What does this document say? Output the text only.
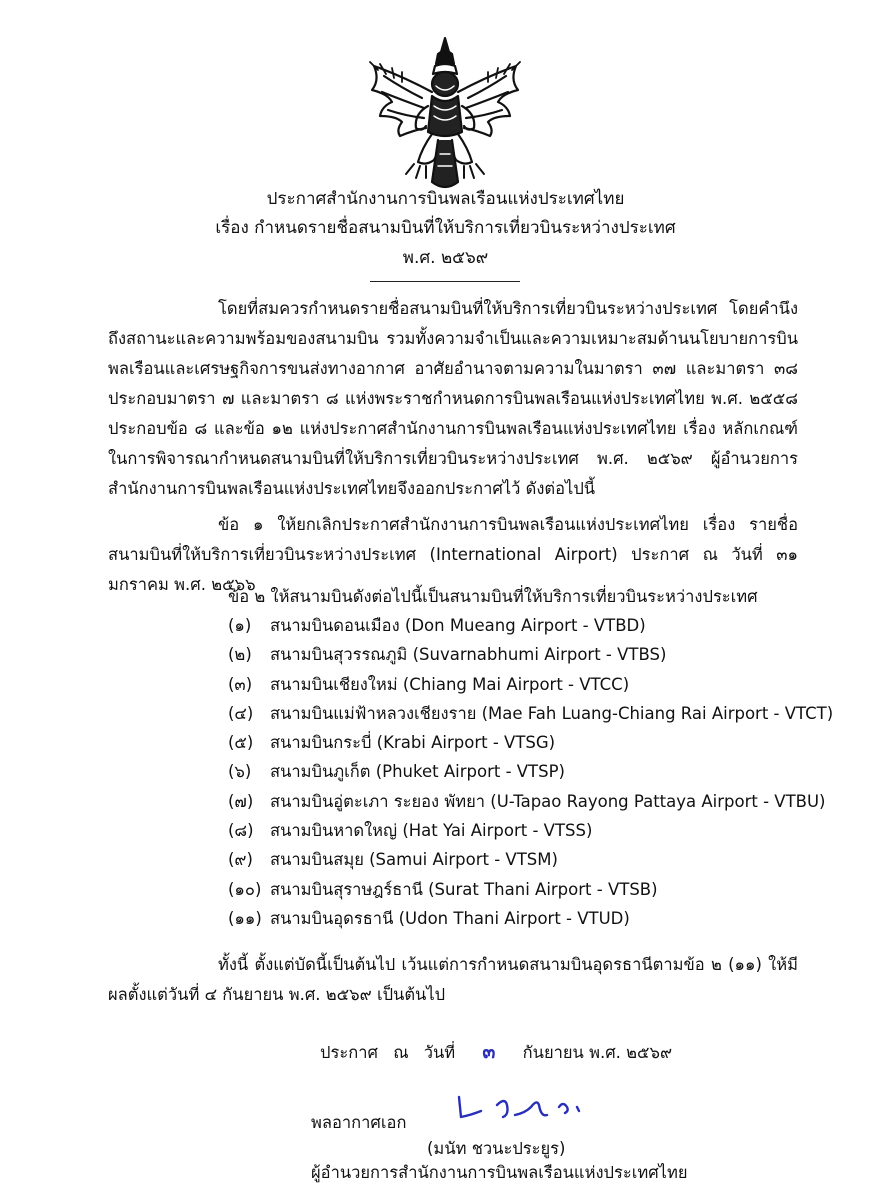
ประกาศสำนักงานการบินพลเรือนแห่งประเทศไทย
เรื่อง กำหนดรายชื่อสนามบินที่ให้บริการเที่ยวบินระหว่างประเทศ
พ.ศ. ๒๕๖๙

โดยที่สมควรกำหนดรายชื่อสนามบินที่ให้บริการเที่ยวบินระหว่างประเทศ โดยคำนึงถึงสถานะและความพร้อมของสนามบิน รวมทั้งความจำเป็นและความเหมาะสมด้านนโยบายการบินพลเรือนและเศรษฐกิจการขนส่งทางอากาศ อาศัยอำนาจตามความในมาตรา ๓๗ และมาตรา ๓๘ ประกอบมาตรา ๗ และมาตรา ๘ แห่งพระราชกำหนดการบินพลเรือนแห่งประเทศไทย พ.ศ. ๒๕๕๘ ประกอบข้อ ๘ และข้อ ๑๒ แห่งประกาศสำนักงานการบินพลเรือนแห่งประเทศไทย เรื่อง หลักเกณฑ์ในการพิจารณากำหนดสนามบินที่ให้บริการเที่ยวบินระหว่างประเทศ พ.ศ. ๒๕๖๙ ผู้อำนวยการสำนักงานการบินพลเรือนแห่งประเทศไทยจึงออกประกาศไว้ ดังต่อไปนี้

ข้อ ๑ ให้ยกเลิกประกาศสำนักงานการบินพลเรือนแห่งประเทศไทย เรื่อง รายชื่อสนามบินที่ให้บริการเที่ยวบินระหว่างประเทศ (International Airport) ประกาศ ณ วันที่ ๓๑ มกราคม พ.ศ. ๒๕๖๖

ข้อ ๒ ให้สนามบินดังต่อไปนี้เป็นสนามบินที่ให้บริการเที่ยวบินระหว่างประเทศ
(๑)	สนามบินดอนเมือง (Don Mueang Airport - VTBD)
(๒)	สนามบินสุวรรณภูมิ (Suvarnabhumi Airport - VTBS)
(๓)	สนามบินเชียงใหม่ (Chiang Mai Airport - VTCC)
(๔)	สนามบินแม่ฟ้าหลวงเชียงราย (Mae Fah Luang-Chiang Rai Airport - VTCT)
(๕)	สนามบินกระบี่ (Krabi Airport - VTSG)
(๖)	สนามบินภูเก็ต (Phuket Airport - VTSP)
(๗)	สนามบินอู่ตะเภา ระยอง พัทยา (U-Tapao Rayong Pattaya Airport - VTBU)
(๘) สนามบินหาดใหญ่ (Hat Yai Airport - VTSS)
(๙)	สนามบินสมุย (Samui Airport - VTSM)
(๑๐) สนามบินสุราษฎร์ธานี (Surat Thani Airport - VTSB)
(๑๑) สนามบินอุดรธานี (Udon Thani Airport - VTUD)

ทั้งนี้ ตั้งแต่บัดนี้เป็นต้นไป เว้นแต่การกำหนดสนามบินอุดรธานีตามข้อ ๒ (๑๑) ให้มีผลตั้งแต่วันที่ ๔ กันยายน พ.ศ. ๒๕๖๙ เป็นต้นไป

ประกาศ ณ วันที่ ๓ กันยายน พ.ศ. ๒๕๖๙
พลอากาศเอก
(มนัท ชวนะประยูร)
ผู้อำนวยการสำนักงานการบินพลเรือนแห่งประเทศไทย
